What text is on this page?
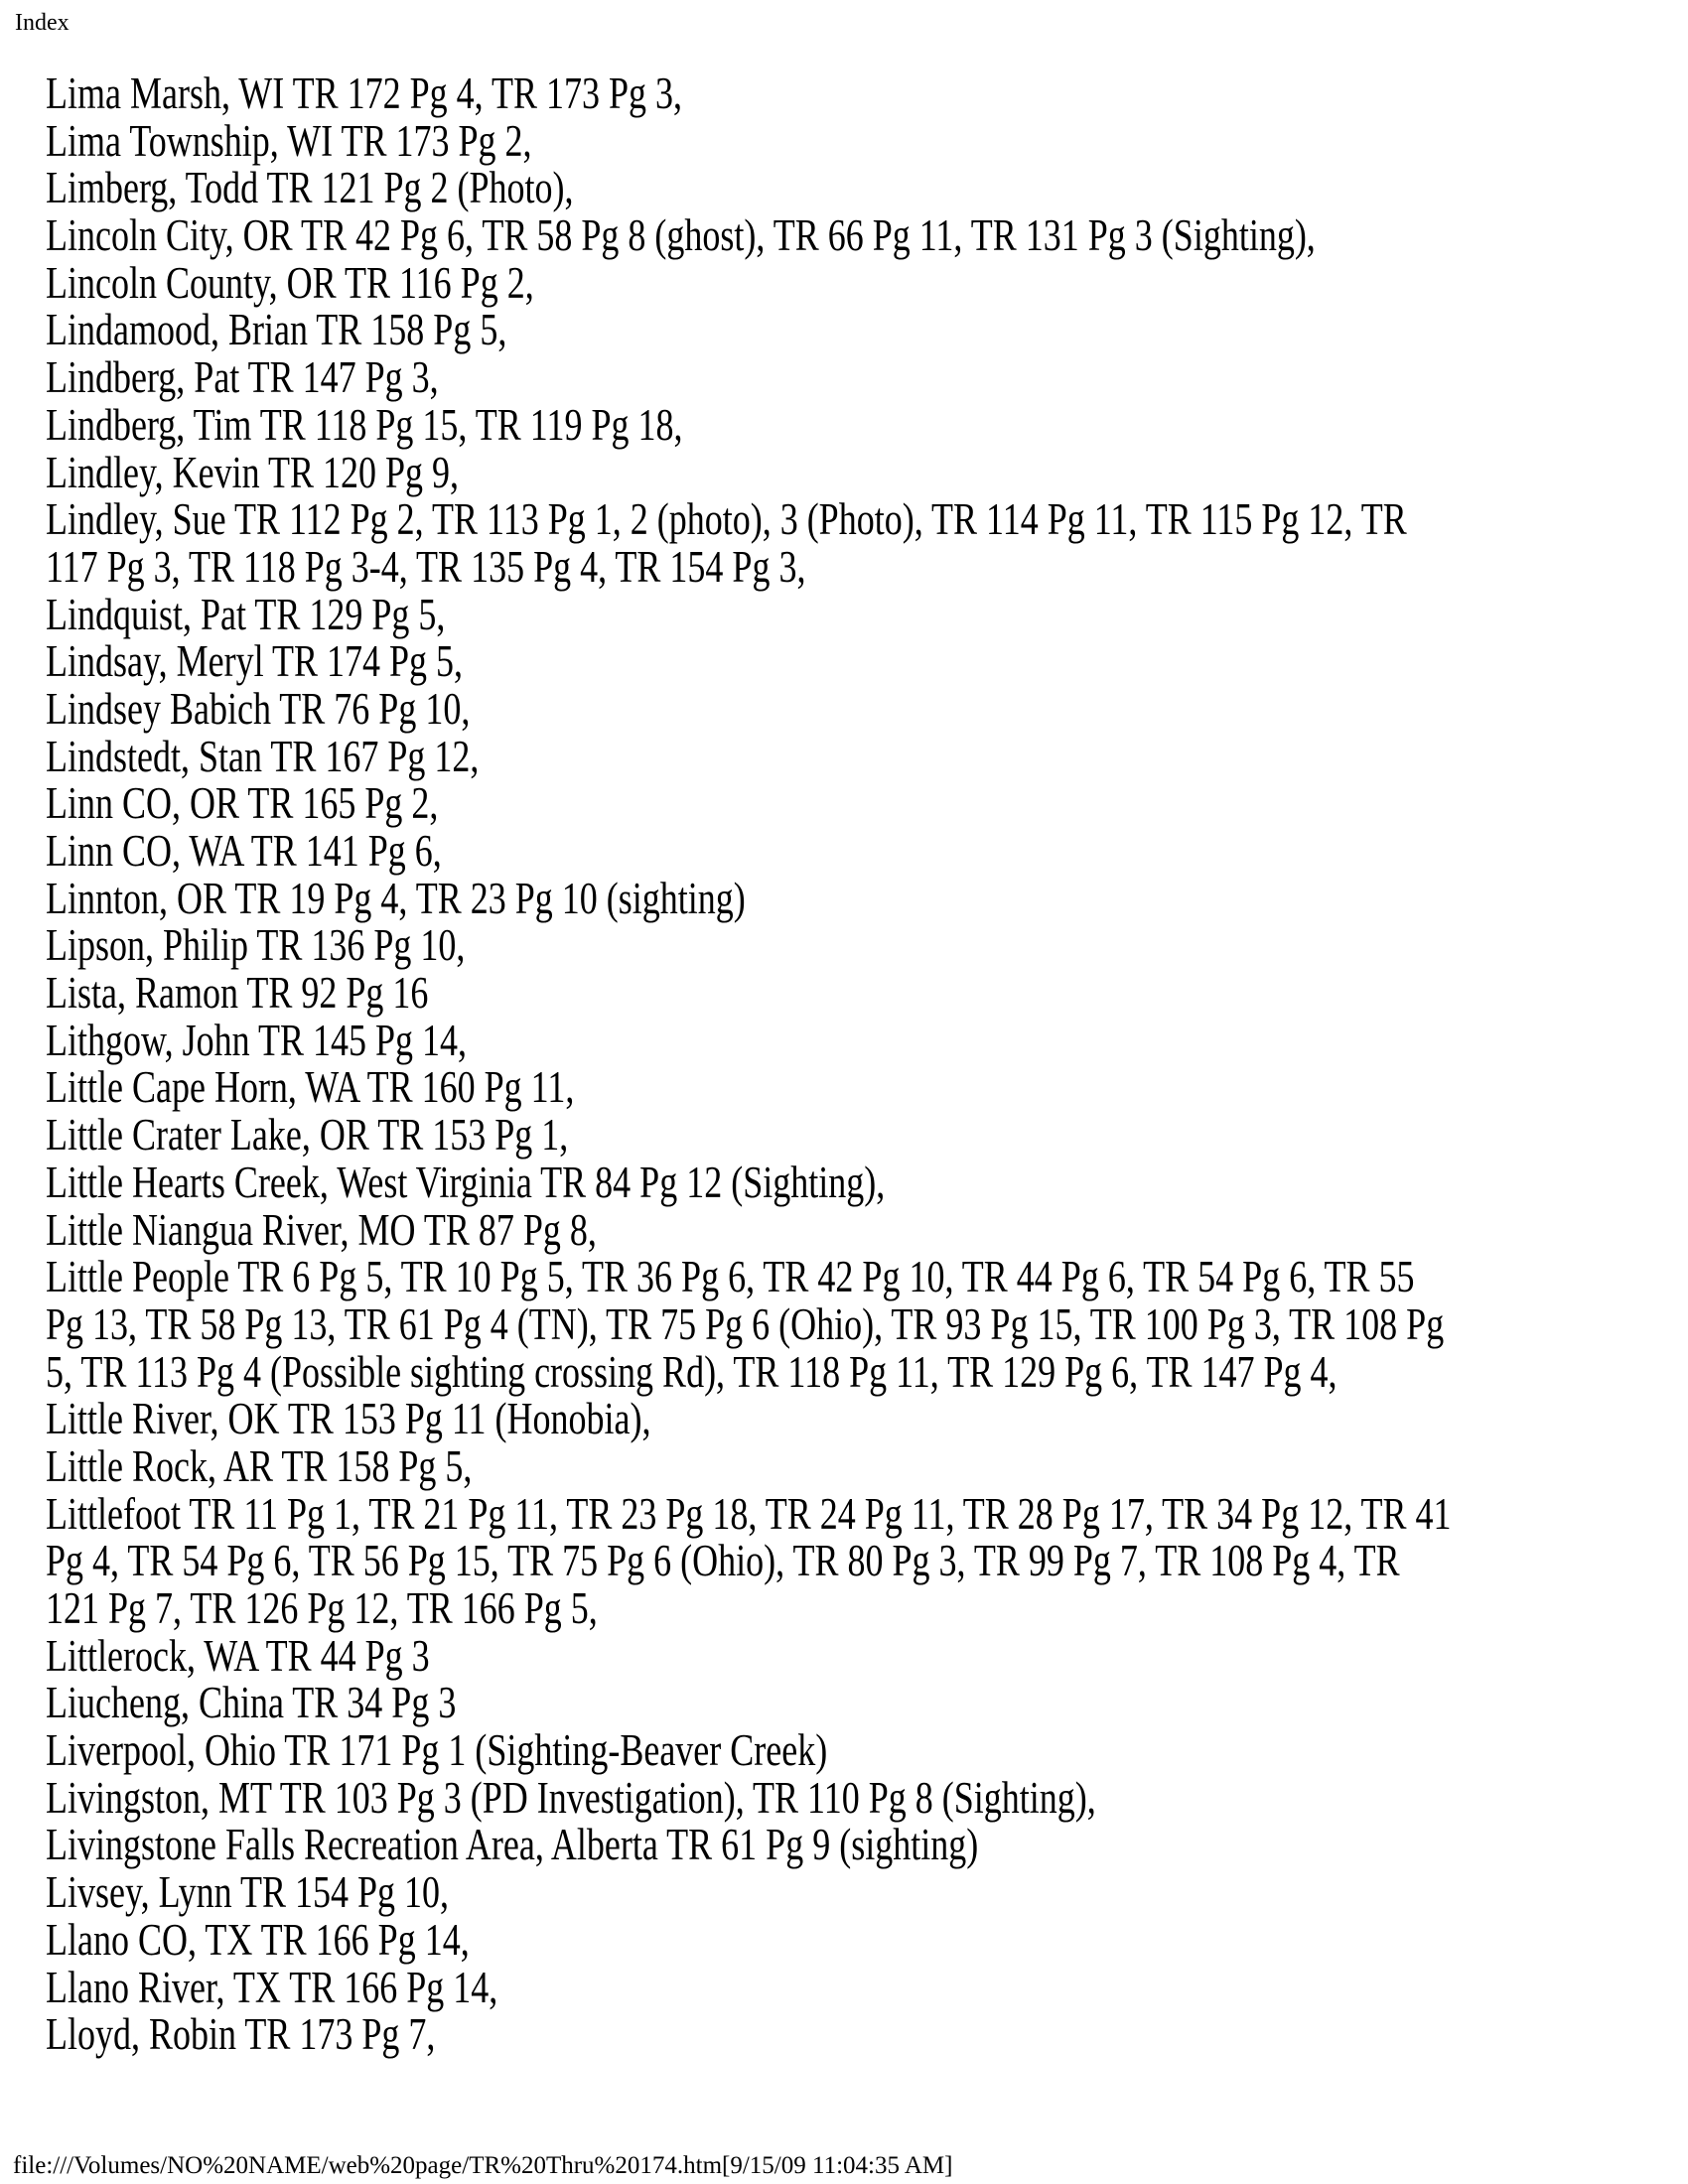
Index
Lima Marsh, WI TR 172 Pg 4, TR 173 Pg 3,
Lima Township, WI TR 173 Pg 2,
Limberg, Todd TR 121 Pg 2 (Photo),
Lincoln City, OR TR 42 Pg 6, TR 58 Pg 8 (ghost), TR 66 Pg 11, TR 131 Pg 3 (Sighting),
Lincoln County, OR TR 116 Pg 2,
Lindamood, Brian TR 158 Pg 5,
Lindberg, Pat TR 147 Pg 3,
Lindberg, Tim TR 118 Pg 15, TR 119 Pg 18,
Lindley, Kevin TR 120 Pg 9,
Lindley, Sue TR 112 Pg 2, TR 113 Pg 1, 2 (photo), 3 (Photo), TR 114 Pg 11, TR 115 Pg 12, TR
117 Pg 3, TR 118 Pg 3-4, TR 135 Pg 4, TR 154 Pg 3,
Lindquist, Pat TR 129 Pg 5,
Lindsay, Meryl TR 174 Pg 5,
Lindsey Babich TR 76 Pg 10,
Lindstedt, Stan TR 167 Pg 12,
Linn CO, OR TR 165 Pg 2,
Linn CO, WA TR 141 Pg 6,
Linnton, OR TR 19 Pg 4, TR 23 Pg 10 (sighting)
Lipson, Philip TR 136 Pg 10,
Lista, Ramon TR 92 Pg 16
Lithgow, John TR 145 Pg 14,
Little Cape Horn, WA TR 160 Pg 11,
Little Crater Lake, OR TR 153 Pg 1,
Little Hearts Creek, West Virginia TR 84 Pg 12 (Sighting),
Little Niangua River, MO TR 87 Pg 8,
Little People TR 6 Pg 5, TR 10 Pg 5, TR 36 Pg 6, TR 42 Pg 10, TR 44 Pg 6, TR 54 Pg 6, TR 55
Pg 13, TR 58 Pg 13, TR 61 Pg 4 (TN), TR 75 Pg 6 (Ohio), TR 93 Pg 15, TR 100 Pg 3, TR 108 Pg
5, TR 113 Pg 4 (Possible sighting crossing Rd), TR 118 Pg 11, TR 129 Pg 6, TR 147 Pg 4,
Little River, OK TR 153 Pg 11 (Honobia),
Little Rock, AR TR 158 Pg 5,
Littlefoot TR 11 Pg 1, TR 21 Pg 11, TR 23 Pg 18, TR 24 Pg 11, TR 28 Pg 17, TR 34 Pg 12, TR 41
Pg 4, TR 54 Pg 6, TR 56 Pg 15, TR 75 Pg 6 (Ohio), TR 80 Pg 3, TR 99 Pg 7, TR 108 Pg 4, TR
121 Pg 7, TR 126 Pg 12, TR 166 Pg 5,
Littlerock, WA TR 44 Pg 3
Liucheng, China TR 34 Pg 3
Liverpool, Ohio TR 171 Pg 1 (Sighting-Beaver Creek)
Livingston, MT TR 103 Pg 3 (PD Investigation), TR 110 Pg 8 (Sighting),
Livingstone Falls Recreation Area, Alberta TR 61 Pg 9 (sighting)
Livsey, Lynn TR 154 Pg 10,
Llano CO, TX TR 166 Pg 14,
Llano River, TX TR 166 Pg 14,
Lloyd, Robin TR 173 Pg 7,
file:///Volumes/NO%20NAME/web%20page/TR%20Thru%20174.htm[9/15/09 11:04:35 AM]
